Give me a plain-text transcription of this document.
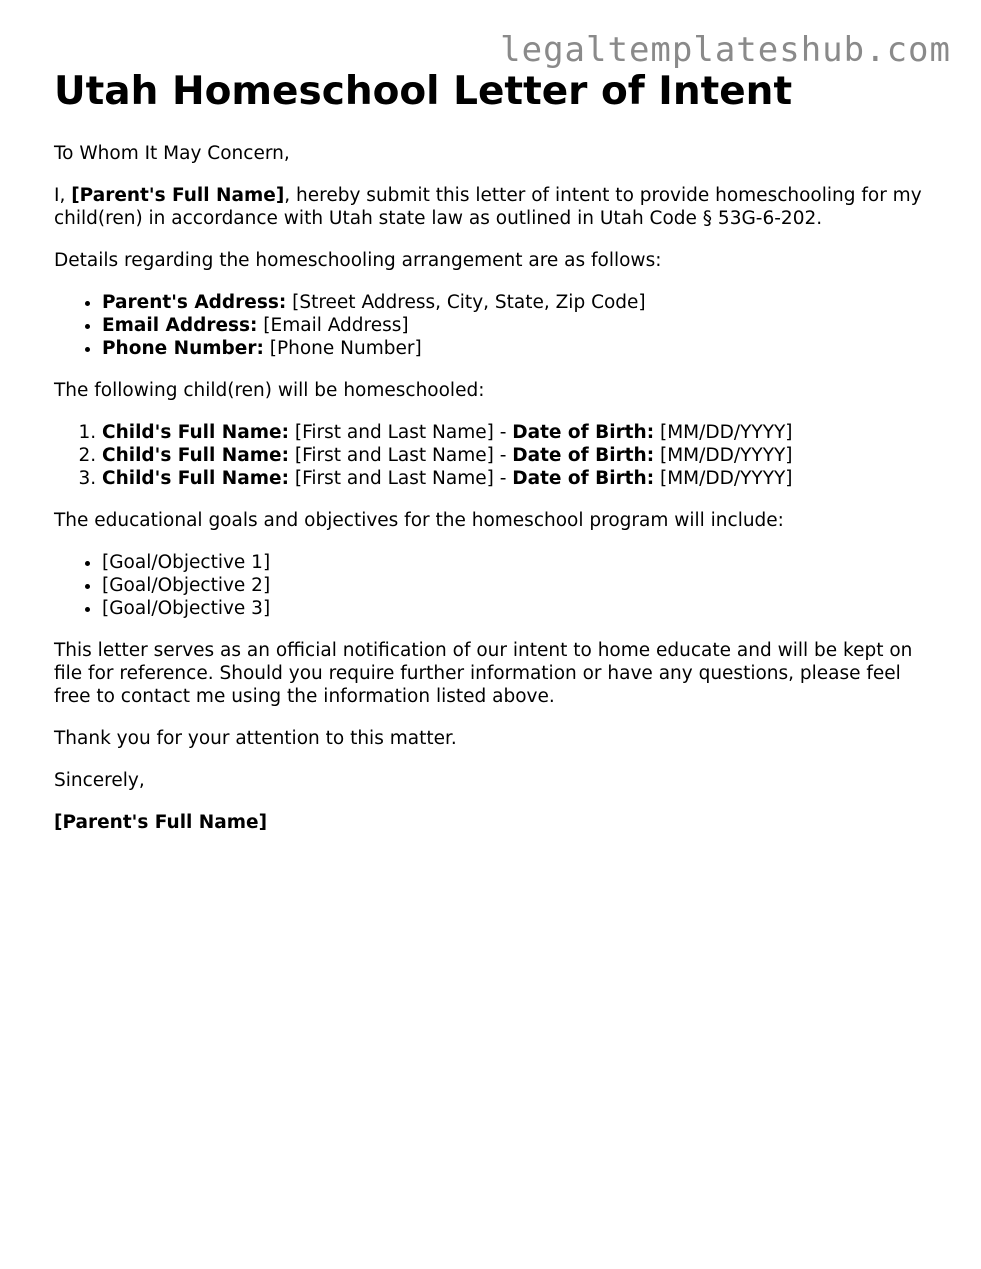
legaltemplateshub.com
Utah Homeschool Letter of Intent

To Whom It May Concern,

I, [Parent's Full Name], hereby submit this letter of intent to provide homeschooling for my child(ren) in accordance with Utah state law as outlined in Utah Code § 53G-6-202.

Details regarding the homeschooling arrangement are as follows:

• Parent's Address: [Street Address, City, State, Zip Code]
• Email Address: [Email Address]
• Phone Number: [Phone Number]

The following child(ren) will be homeschooled:

1. Child's Full Name: [First and Last Name] - Date of Birth: [MM/DD/YYYY]
2. Child's Full Name: [First and Last Name] - Date of Birth: [MM/DD/YYYY]
3. Child's Full Name: [First and Last Name] - Date of Birth: [MM/DD/YYYY]

The educational goals and objectives for the homeschool program will include:

• [Goal/Objective 1]
• [Goal/Objective 2]
• [Goal/Objective 3]

This letter serves as an official notification of our intent to home educate and will be kept on file for reference. Should you require further information or have any questions, please feel free to contact me using the information listed above.

Thank you for your attention to this matter.

Sincerely,

[Parent's Full Name]
